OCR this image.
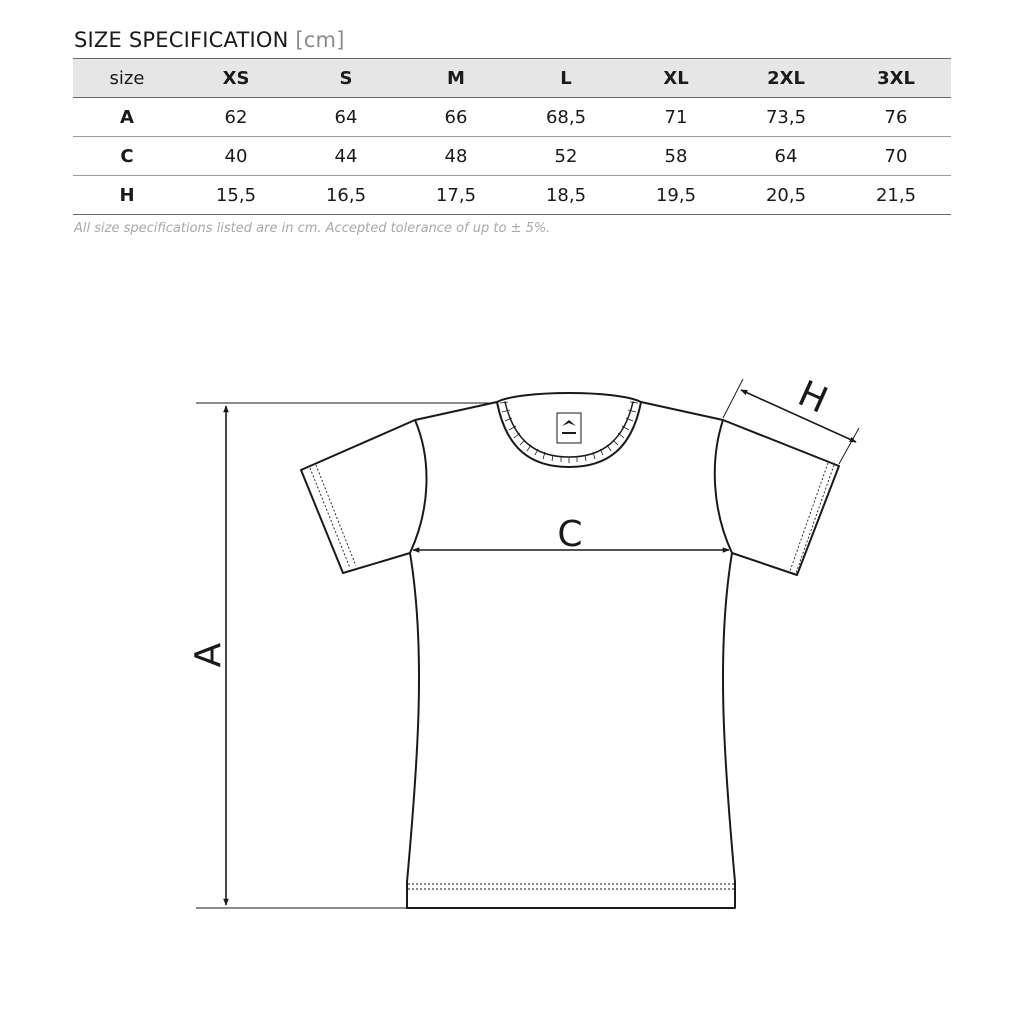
SIZE SPECIFICATION [cm]
size	XS	S	M	L	XL	2XL	3XL
A	62	64	66	68,5	71	73,5	76
C	40	44	48	52	58	64	70
H	15,5	16,5	17,5	18,5	19,5	20,5	21,5
All size specifications listed are in cm. Accepted tolerance of up to ± 5%.
A
C
H
